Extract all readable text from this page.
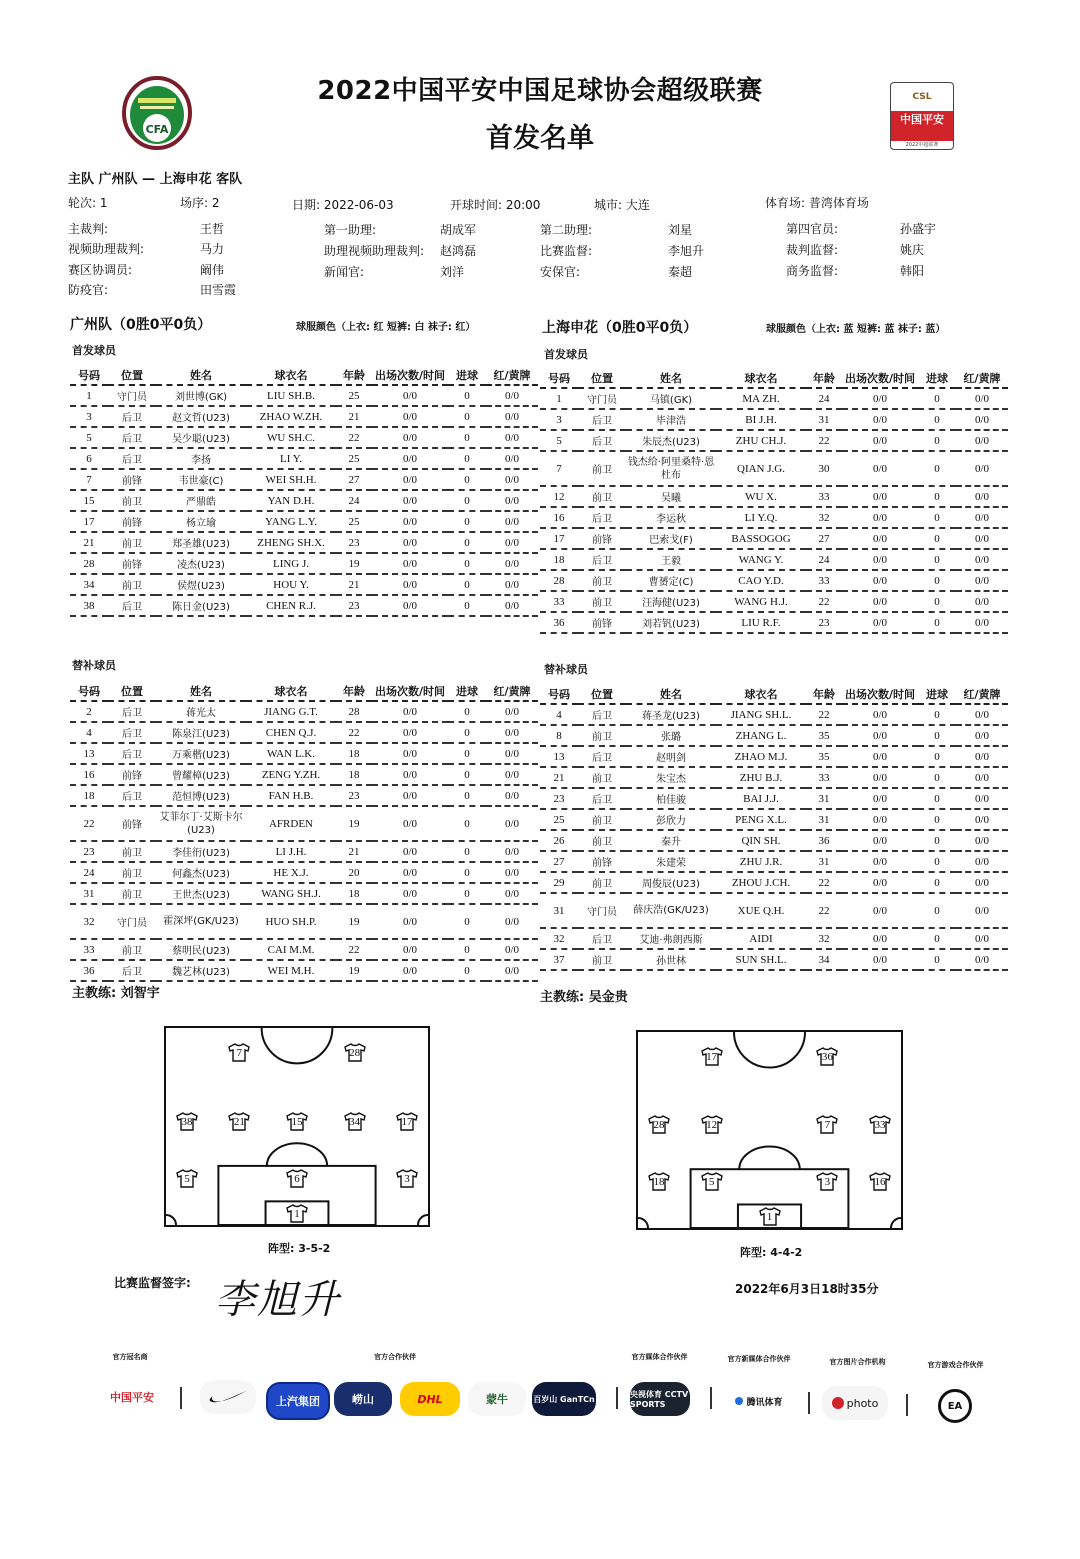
CFA
2022中国平安中国足球协会超级联赛
首发名单
CSL
中国平安

2022中超联赛
主队 广州队 — 上海申花 客队
轮次: 1	场序: 2	日期: 2022-06-03	开球时间: 20:00	城市: 大连	体育场: 普湾体育场
主裁判:	王哲
视频助理裁判:	马力
赛区协调员:	阚伟
防疫官:	田雪霞
第一助理:	胡成军
助理视频助理裁判: 赵鸿磊
新闻官:	刘洋
第二助理:	刘星
比赛监督:	李旭升
安保官:	秦超
第四官员:	孙盛宇
裁判监督:	姚庆
商务监督:	韩阳
广州队（0胜0平0负）	球服颜色（上衣: 红 短裤: 白 袜子: 红）
首发球员
号码	位置	姓名	球衣名	年龄	出场次数/时间	进球	红/黄牌
1	守门员	刘世博(GK)	LIU SH.B.	25	0/0	0	0/0
3	后卫	赵文哲(U23)	ZHAO W.ZH.	21	0/0	0	0/0
5	后卫	吴少聪(U23)	WU SH.C.	22	0/0	0	0/0
6	后卫	李扬	LI Y.	25	0/0	0	0/0
7	前锋	韦世豪(C)	WEI SH.H.	27	0/0	0	0/0
15	前卫	严鼎皓	YAN D.H.	24	0/0	0	0/0
17	前锋	杨立瑜	YANG L.Y.	25	0/0	0	0/0
21	前卫	郑圣雄(U23)	ZHENG SH.X.	23	0/0	0	0/0
28	前锋	凌杰(U23)	LING J.	19	0/0	0	0/0
34	前卫	侯煜(U23)	HOU Y.	21	0/0	0	0/0
38	后卫	陈日金(U23)	CHEN R.J.	23	0/0	0	0/0
替补球员
号码	位置	姓名	球衣名	年龄	出场次数/时间	进球	红/黄牌
2	后卫	蒋光太	JIANG G.T.	28	0/0	0	0/0
4	后卫	陈泉江(U23)	CHEN Q.J.	22	0/0	0	0/0
13	后卫	万乘楷(U23)	WAN L.K.	18	0/0	0	0/0
16	前锋	曾耀樟(U23)	ZENG Y.ZH.	18	0/0	0	0/0
18	后卫	范恒博(U23)	FAN H.B.	23	0/0	0	0/0
22	前锋	艾菲尔丁·艾斯卡尔(U23)	AFRDEN	19	0/0	0	0/0
23	前卫	李佳衎(U23)	LI J.H.	21	0/0	0	0/0
24	前卫	何鑫杰(U23)	HE X.J.	20	0/0	0	0/0
31	前卫	王世杰(U23)	WANG SH.J.	18	0/0	0	0/0
32	守门员	霍深坪(GK/U23)	HUO SH.P.	19	0/0	0	0/0
33	前卫	蔡明民(U23)	CAI M.M.	22	0/0	0	0/0
36	后卫	魏艺林(U23)	WEI M.H.	19	0/0	0	0/0
主教练: 刘智宇
上海申花（0胜0平0负）	球服颜色（上衣: 蓝 短裤: 蓝 袜子: 蓝）
首发球员
号码	位置	姓名	球衣名	年龄	出场次数/时间	进球	红/黄牌
1	守门员	马镇(GK)	MA ZH.	24	0/0	0	0/0
3	后卫	毕津浩	BI J.H.	31	0/0	0	0/0
5	后卫	朱辰杰(U23)	ZHU CH.J.	22	0/0	0	0/0
7	前卫	钱杰给·阿里桑特·恩杜布	QIAN J.G.	30	0/0	0	0/0
12	前卫	吴曦	WU X.	33	0/0	0	0/0
16	后卫	李运秋	LI Y.Q.	32	0/0	0	0/0
17	前锋	巴索戈(F)	BASSOGOG	27	0/0	0	0/0
18	后卫	王毅	WANG Y.	24	0/0	0	0/0
28	前卫	曹赟定(C)	CAO Y.D.	33	0/0	0	0/0
33	前卫	汪海健(U23)	WANG H.J.	22	0/0	0	0/0
36	前锋	刘若钒(U23)	LIU R.F.	23	0/0	0	0/0
替补球员
号码	位置	姓名	球衣名	年龄	出场次数/时间	进球	红/黄牌
4	后卫	蒋圣龙(U23)	JIANG SH.L.	22	0/0	0	0/0
8	前卫	张璐	ZHANG L.	35	0/0	0	0/0
13	后卫	赵明剑	ZHAO M.J.	35	0/0	0	0/0
21	前卫	朱宝杰	ZHU B.J.	33	0/0	0	0/0
23	后卫	柏佳骏	BAI J.J.	31	0/0	0	0/0
25	前卫	彭欣力	PENG X.L.	31	0/0	0	0/0
26	前卫	秦升	QIN SH.	36	0/0	0	0/0
27	前锋	朱建荣	ZHU J.R.	31	0/0	0	0/0
29	前卫	周俊辰(U23)	ZHOU J.CH.	22	0/0	0	0/0
31	守门员	薛庆浩(GK/U23)	XUE Q.H.	22	0/0	0	0/0
32	后卫	艾迪·弗朗西斯	AIDI	32	0/0	0	0/0
37	前卫	孙世林	SUN SH.L.	34	0/0	0	0/0
主教练: 吴金贵
7	28
38	21	15	34	17
5	6	3
1
阵型: 3-5-2
17	36
28	12	7	33
18	5	3	16
1
阵型: 4-4-2
比赛监督签字: 李旭升	2022年6月3日18时35分
官方冠名商	官方合作伙伴	官方媒体合作伙伴	官方新媒体合作伙伴	官方图片合作机构	官方游戏合作伙伴
中国平安	上汽集团	崂山	DHL	蒙牛	百岁山 GanTCn	央视体育 CCTV SPORTS	腾讯体育	photo	EA
